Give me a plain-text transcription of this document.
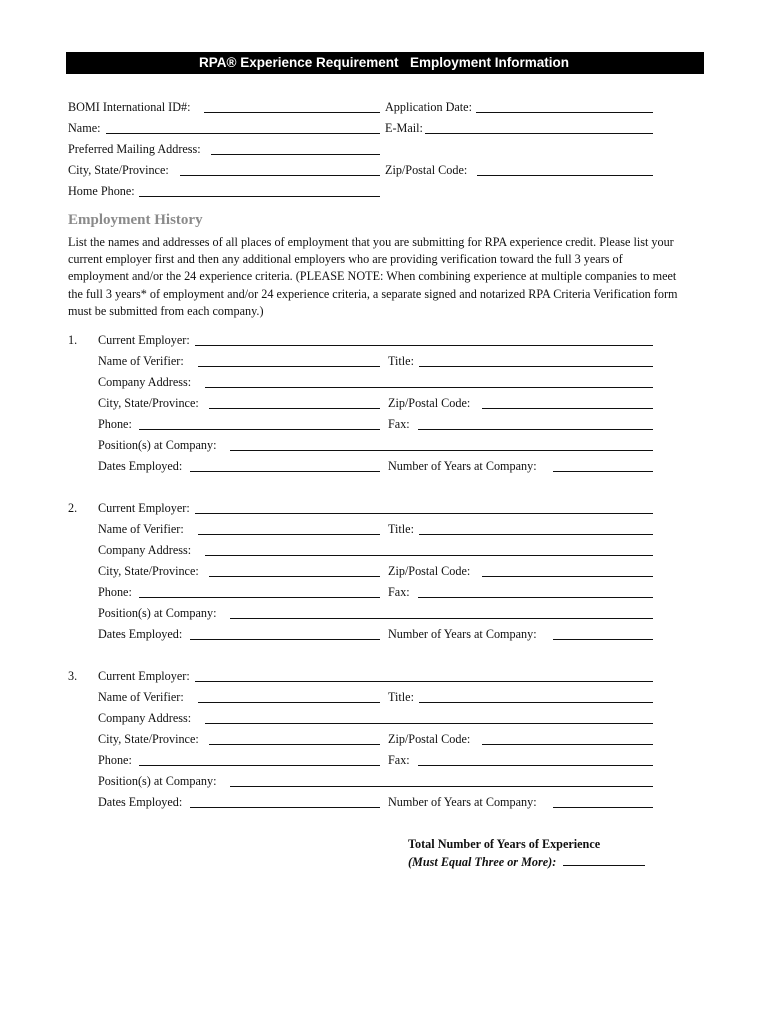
RPA® Experience Requirement Employment Information
BOMI International ID#:	Application Date:
Name:	E-Mail:
Preferred Mailing Address:
City, State/Province:	Zip/Postal Code:
Home Phone:
Employment History
List the names and addresses of all places of employment that you are submitting for RPA experience credit. Please list your
current employer first and then any additional employers who are providing verification toward the full 3 years of
employment and/or the 24 experience criteria. (PLEASE NOTE: When combining experience at multiple companies to meet
the full 3 years* of employment and/or 24 experience criteria, a separate signed and notarized RPA Criteria Verification form
must be submitted from each company.)
1. Current Employer:
Name of Verifier:	Title:
Company Address:
City, State/Province:	Zip/Postal Code:
Phone:	Fax:
Position(s) at Company:
Dates Employed:	Number of Years at Company:
2. Current Employer:
Name of Verifier:	Title:
Company Address:
City, State/Province:	Zip/Postal Code:
Phone:	Fax:
Position(s) at Company:
Dates Employed:	Number of Years at Company:
3. Current Employer:
Name of Verifier:	Title:
Company Address:
City, State/Province:	Zip/Postal Code:
Phone:	Fax:
Position(s) at Company:
Dates Employed:	Number of Years at Company:
Total Number of Years of Experience
(Must Equal Three or More):
